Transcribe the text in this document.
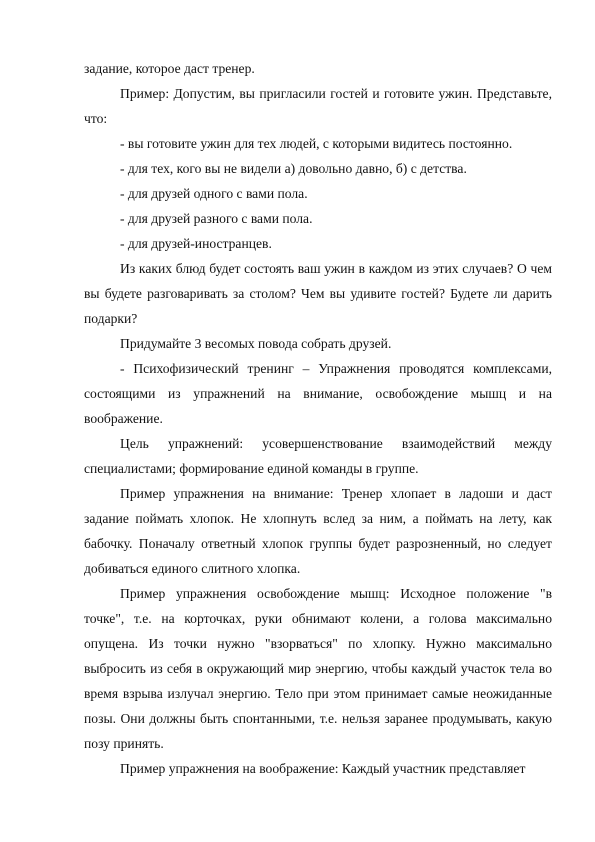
задание, которое даст тренер.

Пример: Допустим, вы пригласили гостей и готовите ужин. Представьте, что:

- вы готовите ужин для тех людей, с которыми видитесь постоянно.

- для тех, кого вы не видели а) довольно давно, б) с детства.

- для друзей одного с вами пола.

- для друзей разного с вами пола.

- для друзей-иностранцев.

Из каких блюд будет состоять ваш ужин в каждом из этих случаев? О чем вы будете разговаривать за столом? Чем вы удивите гостей? Будете ли дарить подарки?

Придумайте 3 весомых повода собрать друзей.

- Психофизический тренинг – Упражнения проводятся комплексами, состоящими из упражнений на внимание, освобождение мышц и на воображение.

Цель упражнений: усовершенствование взаимодействий между специалистами; формирование единой команды в группе.

Пример упражнения на внимание: Тренер хлопает в ладоши и даст задание поймать хлопок. Не хлопнуть вслед за ним, а поймать на лету, как бабочку. Поначалу ответный хлопок группы будет разрозненный, но следует добиваться единого слитного хлопка.

Пример упражнения освобождение мышц: Исходное положение "в точке", т.е. на корточках, руки обнимают колени, а голова максимально опущена. Из точки нужно "взорваться" по хлопку. Нужно максимально выбросить из себя в окружающий мир энергию, чтобы каждый участок тела во время взрыва излучал энергию. Тело при этом принимает самые неожиданные позы. Они должны быть спонтанными, т.е. нельзя заранее продумывать, какую позу принять.

Пример упражнения на воображение: Каждый участник представляет
